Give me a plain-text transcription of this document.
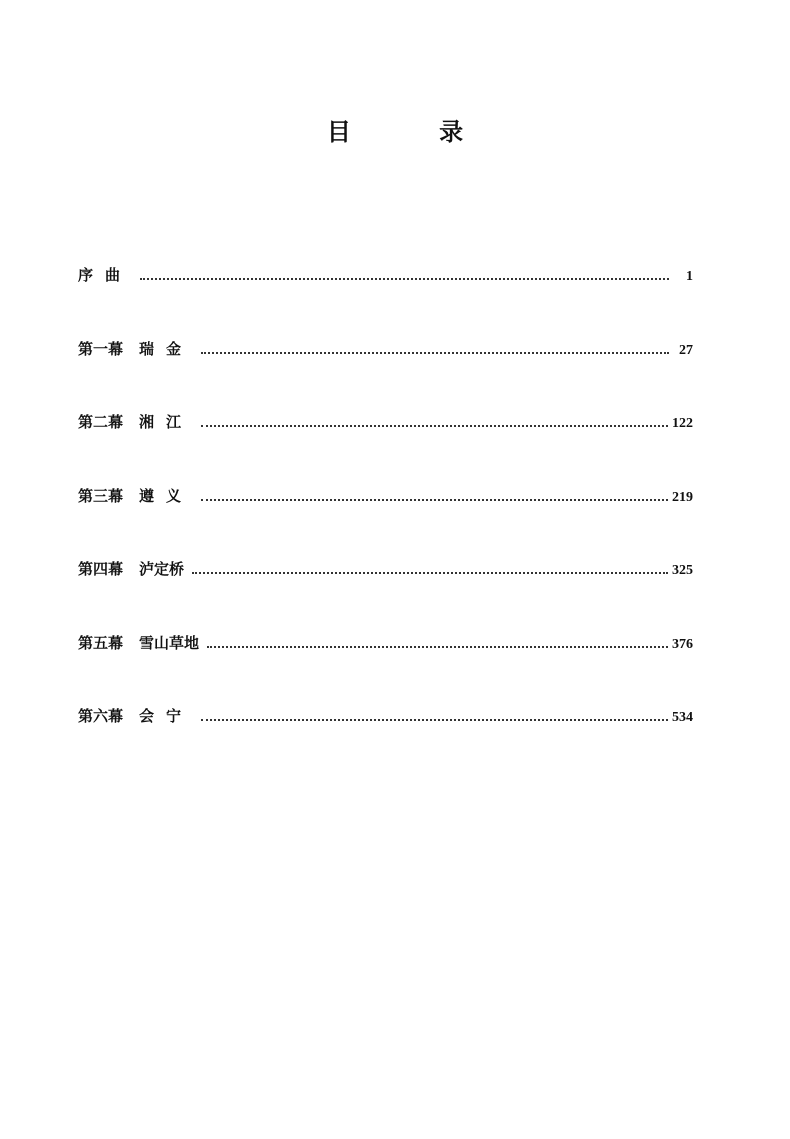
目 录
序曲	1
第一幕 瑞金	27
第二幕 湘江	122
第三幕 遵义	219
第四幕 泸定桥	325
第五幕 雪山草地	376
第六幕 会宁	534
